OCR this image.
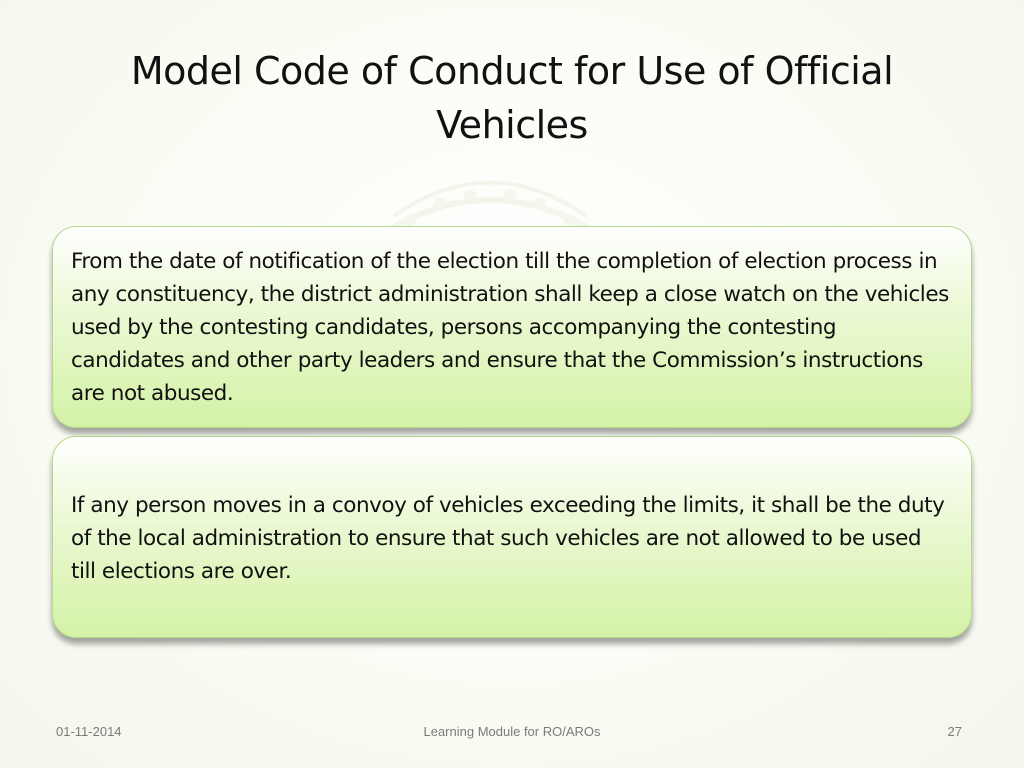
Model Code of Conduct for Use of Official Vehicles
From the date of notification of the election till the completion of election process in any constituency, the district administration shall keep a close watch on the vehicles used by the contesting candidates, persons accompanying the contesting candidates and other party leaders and ensure that the Commission’s instructions are not abused.
If any person moves in a convoy of vehicles exceeding the limits, it shall be the duty of the local administration to ensure that such vehicles are not allowed to be used till elections are over.
01-11-2014	Learning Module for RO/AROs	27
